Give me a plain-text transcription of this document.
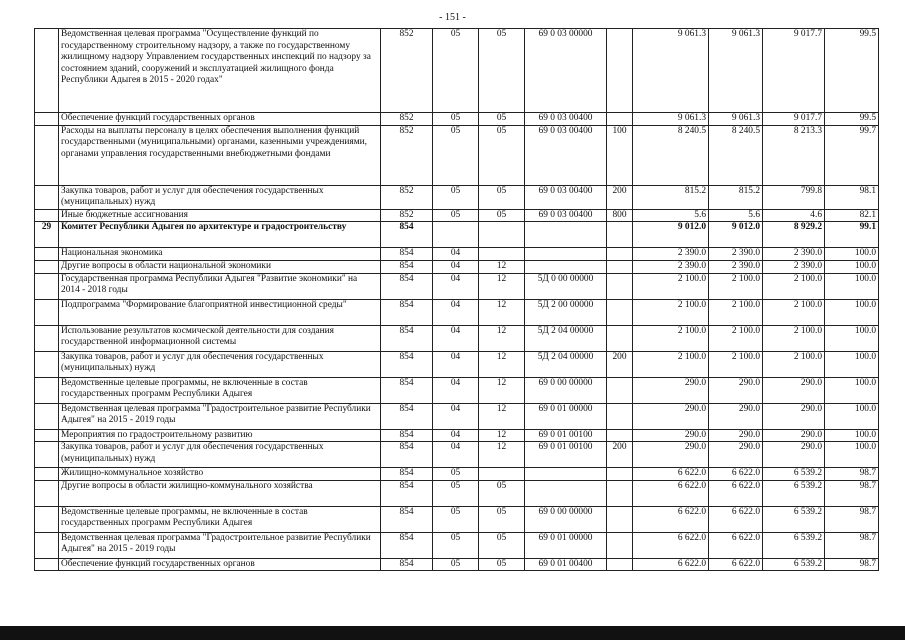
- 151 -
	Ведомственная целевая программа "Осуществление функций по государственному строительному надзору, а также по государственному жилищному надзору Управлением государственных инспекций по надзору за состоянием зданий, сооружений и эксплуатацией жилищного фонда Республики Адыгея в 2015 - 2020 годах"	852	05	05	69 0 03 00000		9 061.3	9 061.3	9 017.7	99.5
	Обеспечение функций государственных органов	852	05	05	69 0 03 00400		9 061.3	9 061.3	9 017.7	99.5
	Расходы на выплаты персоналу в целях обеспечения выполнения функций государственными (муниципальными) органами, казенными учреждениями, органами управления государственными внебюджетными фондами	852	05	05	69 0 03 00400	100	8 240.5	8 240.5	8 213.3	99.7
	Закупка товаров, работ и услуг для обеспечения государственных (муниципальных) нужд	852	05	05	69 0 03 00400	200	815.2	815.2	799.8	98.1
	Иные бюджетные ассигнования	852	05	05	69 0 03 00400	800	5.6	5.6	4.6	82.1
29	Комитет Республики Адыгея по архитектуре и градостроительству	854					9 012.0	9 012.0	8 929.2	99.1
	Национальная экономика	854	04				2 390.0	2 390.0	2 390.0	100.0
	Другие вопросы в области национальной экономики	854	04	12			2 390.0	2 390.0	2 390.0	100.0
	Государственная программа Республики Адыгея "Развитие экономики" на 2014 - 2018 годы	854	04	12	5Д 0 00 00000		2 100.0	2 100.0	2 100.0	100.0
	Подпрограмма "Формирование благоприятной инвестиционной среды"	854	04	12	5Д 2 00 00000		2 100.0	2 100.0	2 100.0	100.0
	Использование результатов космической деятельности для создания государственной информационной системы	854	04	12	5Д 2 04 00000		2 100.0	2 100.0	2 100.0	100.0
	Закупка товаров, работ и услуг для обеспечения государственных (муниципальных) нужд	854	04	12	5Д 2 04 00000	200	2 100.0	2 100.0	2 100.0	100.0
	Ведомственные целевые программы, не включенные в состав государственных программ Республики Адыгея	854	04	12	69 0 00 00000		290.0	290.0	290.0	100.0
	Ведомственная целевая программа "Градостроительное развитие Республики Адыгея" на 2015 - 2019 годы	854	04	12	69 0 01 00000		290.0	290.0	290.0	100.0
	Мероприятия по градостроительному развитию	854	04	12	69 0 01 00100		290.0	290.0	290.0	100.0
	Закупка товаров, работ и услуг для обеспечения государственных (муниципальных) нужд	854	04	12	69 0 01 00100	200	290.0	290.0	290.0	100.0
	Жилищно-коммунальное хозяйство	854	05				6 622.0	6 622.0	6 539.2	98.7
	Другие вопросы в области жилищно-коммунального хозяйства	854	05	05			6 622.0	6 622.0	6 539.2	98.7
	Ведомственные целевые программы, не включенные в состав государственных программ Республики Адыгея	854	05	05	69 0 00 00000		6 622.0	6 622.0	6 539.2	98.7
	Ведомственная целевая программа "Градостроительное развитие Республики Адыгея" на 2015 - 2019 годы	854	05	05	69 0 01 00000		6 622.0	6 622.0	6 539.2	98.7
	Обеспечение функций государственных органов	854	05	05	69 0 01 00400		6 622.0	6 622.0	6 539.2	98.7
